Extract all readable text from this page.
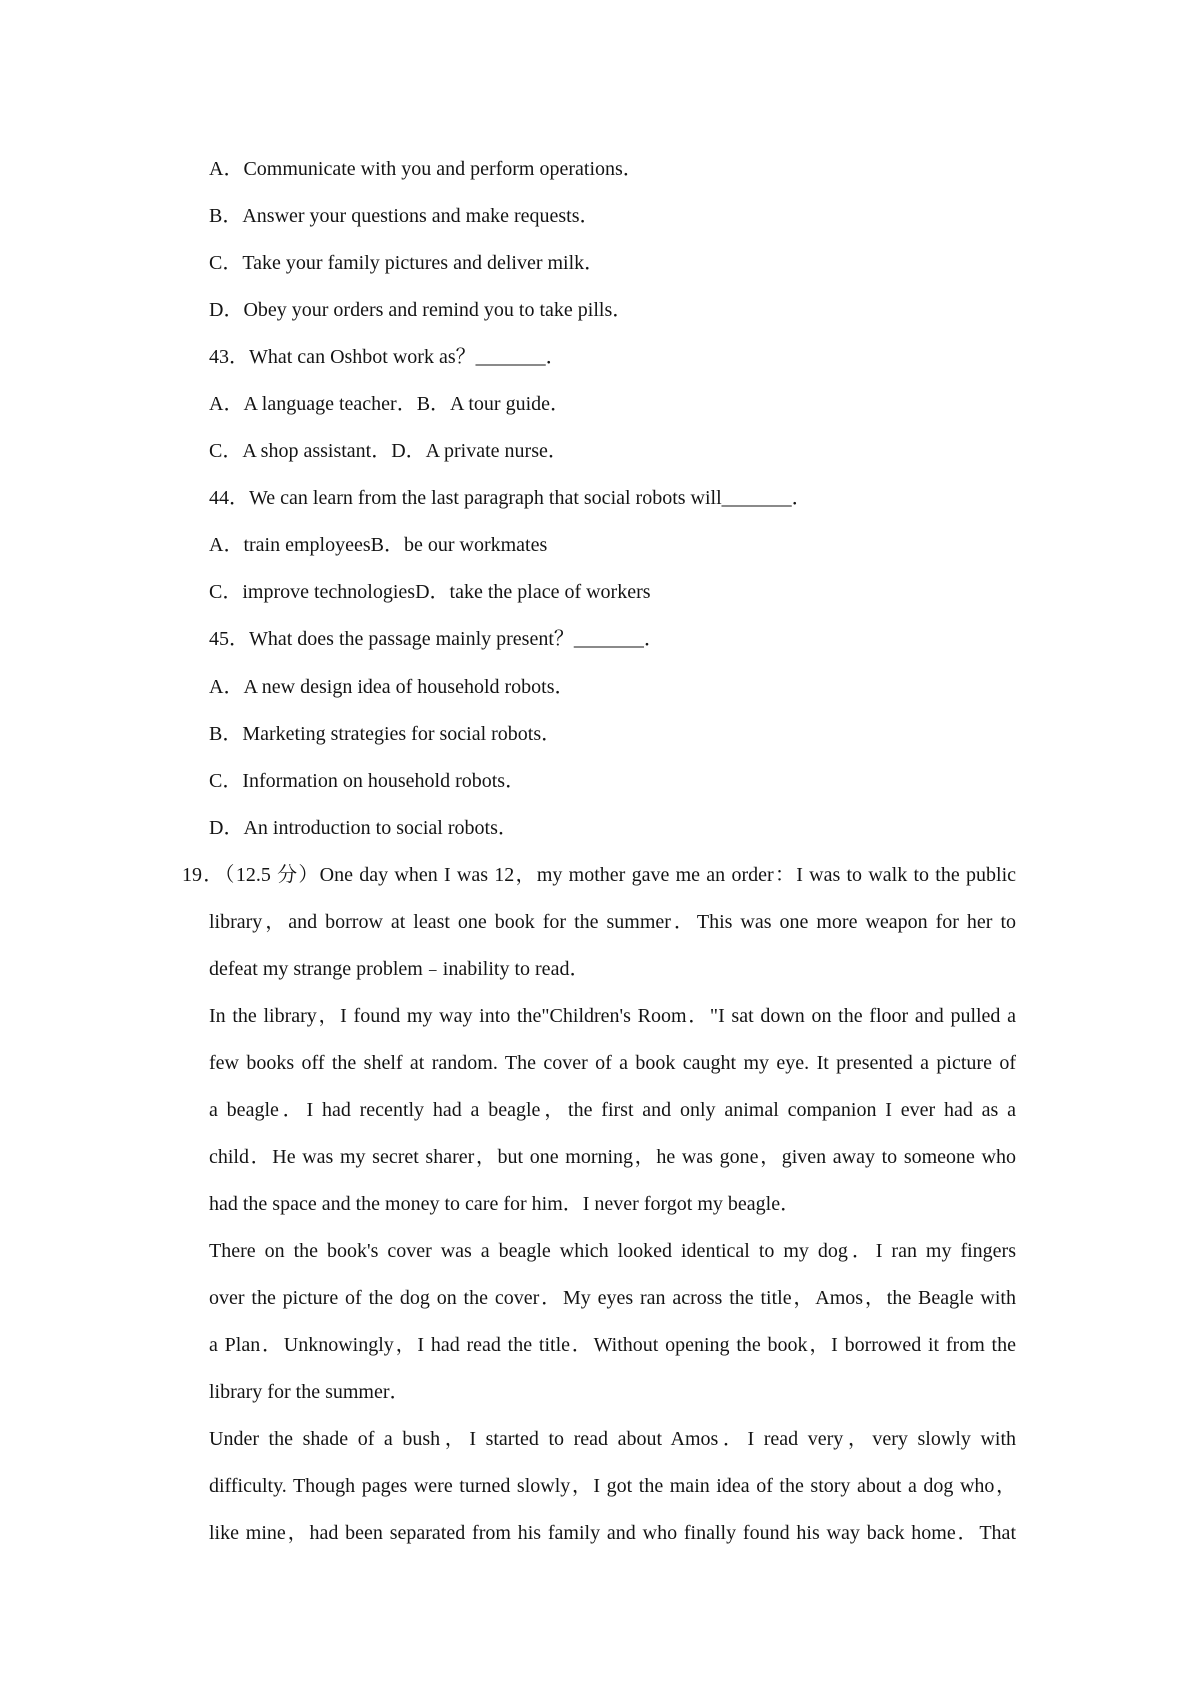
A．Communicate with you and perform operations．
B．Answer your questions and make requests．
C．Take your family pictures and deliver milk．
D．Obey your orders and remind you to take pills．
43．What can Oshbot work as？_______．
A．A language teacher．B．A tour guide．
C．A shop assistant．D．A private nurse．
44．We can learn from the last paragraph that social robots will_______．
A．train employeesB．be our workmates
C．improve technologiesD．take the place of workers
45．What does the passage mainly present？_______．
A．A new design idea of household robots．
B．Marketing strategies for social robots．
C．Information on household robots．
D．An introduction to social robots．
19．（12.5 分）One day when I was 12，my mother gave me an order：I was to walk to the public
library，and borrow at least one book for the summer．This was one more weapon for her to
defeat my strange problem﹣inability to read．
In the library，I found my way into the"Children's Room．"I sat down on the floor and pulled a
few books off the shelf at random. The cover of a book caught my eye. It presented a picture of
a beagle．I had recently had a beagle，the first and only animal companion I ever had as a
child．He was my secret sharer，but one morning，he was gone，given away to someone who
had the space and the money to care for him．I never forgot my beagle．
There on the book's cover was a beagle which looked identical to my dog．I ran my fingers
over the picture of the dog on the cover．My eyes ran across the title，Amos，the Beagle with
a Plan．Unknowingly，I had read the title．Without opening the book，I borrowed it from the
library for the summer．
Under the shade of a bush，I started to read about Amos．I read very，very slowly with
difficulty. Though pages were turned slowly，I got the main idea of the story about a dog who，
like mine，had been separated from his family and who finally found his way back home．That
